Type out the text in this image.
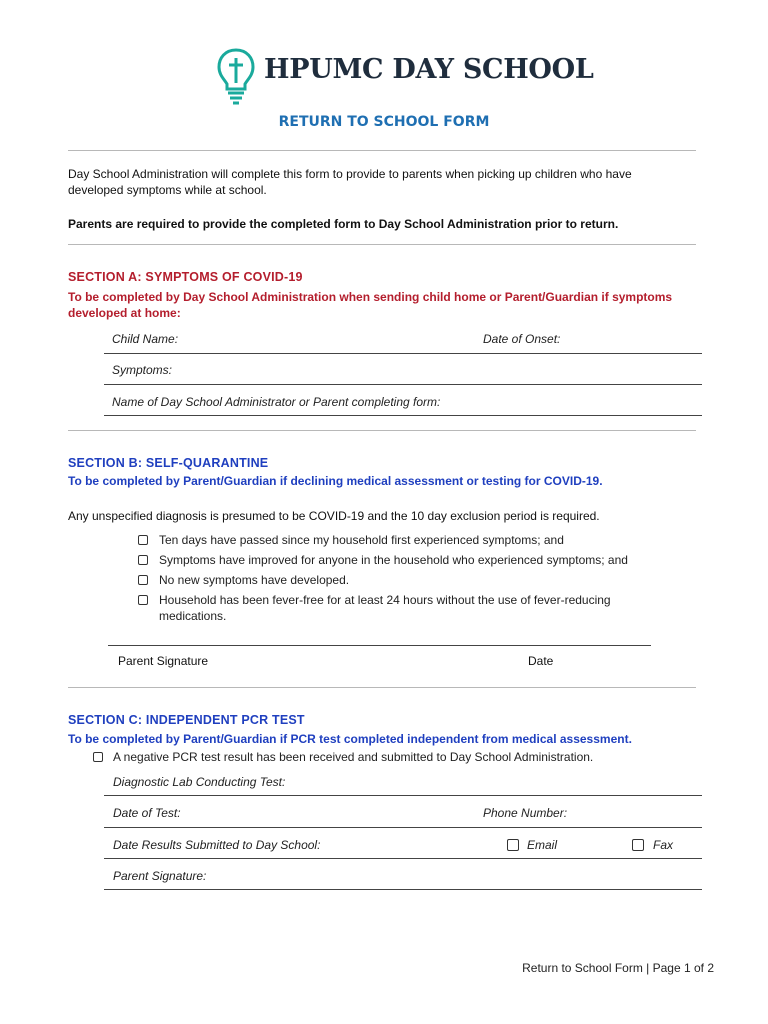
HPUMC DAY SCHOOL
RETURN TO SCHOOL FORM
Day School Administration will complete this form to provide to parents when picking up children who have developed symptoms while at school.
Parents are required to provide the completed form to Day School Administration prior to return.
SECTION A: SYMPTOMS OF COVID-19
To be completed by Day School Administration when sending child home or Parent/Guardian if symptoms developed at home:
Child Name:	Date of Onset:
Symptoms:
Name of Day School Administrator or Parent completing form:
SECTION B: SELF-QUARANTINE
To be completed by Parent/Guardian if declining medical assessment or testing for COVID-19.
Any unspecified diagnosis is presumed to be COVID-19 and the 10 day exclusion period is required.
Ten days have passed since my household first experienced symptoms; and
Symptoms have improved for anyone in the household who experienced symptoms; and
No new symptoms have developed.
Household has been fever-free for at least 24 hours without the use of fever-reducing medications.
Parent Signature	Date
SECTION C: INDEPENDENT PCR TEST
To be completed by Parent/Guardian if PCR test completed independent from medical assessment.
A negative PCR test result has been received and submitted to Day School Administration.
Diagnostic Lab Conducting Test:
Date of Test:	Phone Number:
Date Results Submitted to Day School:	Email	Fax
Parent Signature:
Return to School Form | Page 1 of 2
